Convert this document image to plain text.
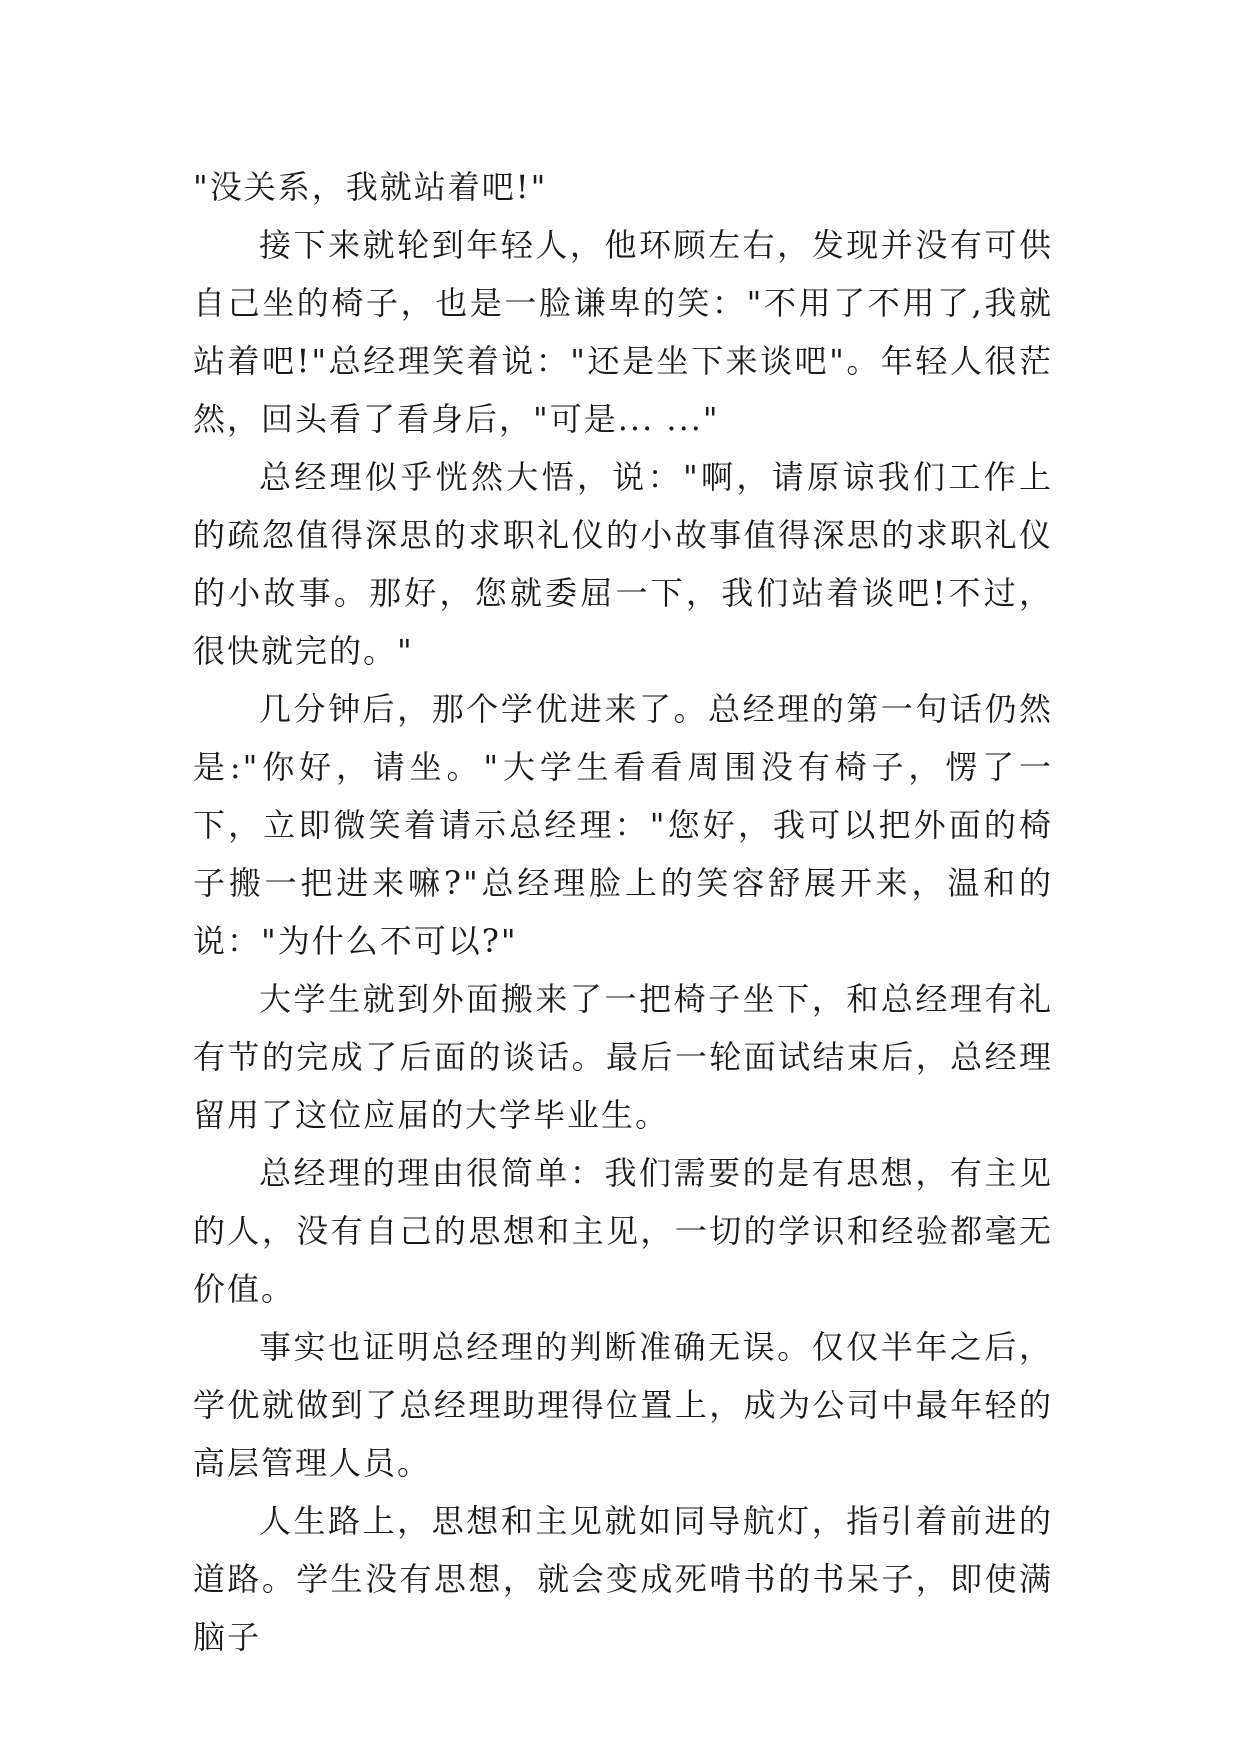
"没关系，我就站着吧!"

接下来就轮到年轻人，他环顾左右，发现并没有可供自己坐的椅子，也是一脸谦卑的笑："不用了不用了,我就站着吧!"总经理笑着说："还是坐下来谈吧"。年轻人很茫然，回头看了看身后，"可是... ..."

总经理似乎恍然大悟，说："啊，请原谅我们工作上的疏忽值得深思的求职礼仪的小故事值得深思的求职礼仪的小故事。那好，您就委屈一下，我们站着谈吧!不过，很快就完的。"

几分钟后，那个学优进来了。总经理的第一句话仍然是:"你好，请坐。"大学生看看周围没有椅子，愣了一下，立即微笑着请示总经理："您好，我可以把外面的椅子搬一把进来嘛?"总经理脸上的笑容舒展开来，温和的说："为什么不可以?"

大学生就到外面搬来了一把椅子坐下，和总经理有礼有节的完成了后面的谈话。最后一轮面试结束后，总经理留用了这位应届的大学毕业生。

总经理的理由很简单：我们需要的是有思想，有主见的人，没有自己的思想和主见，一切的学识和经验都毫无价值。

事实也证明总经理的判断准确无误。仅仅半年之后，学优就做到了总经理助理得位置上，成为公司中最年轻的高层管理人员。

人生路上，思想和主见就如同导航灯，指引着前进的道路。学生没有思想，就会变成死啃书的书呆子，即使满脑子
